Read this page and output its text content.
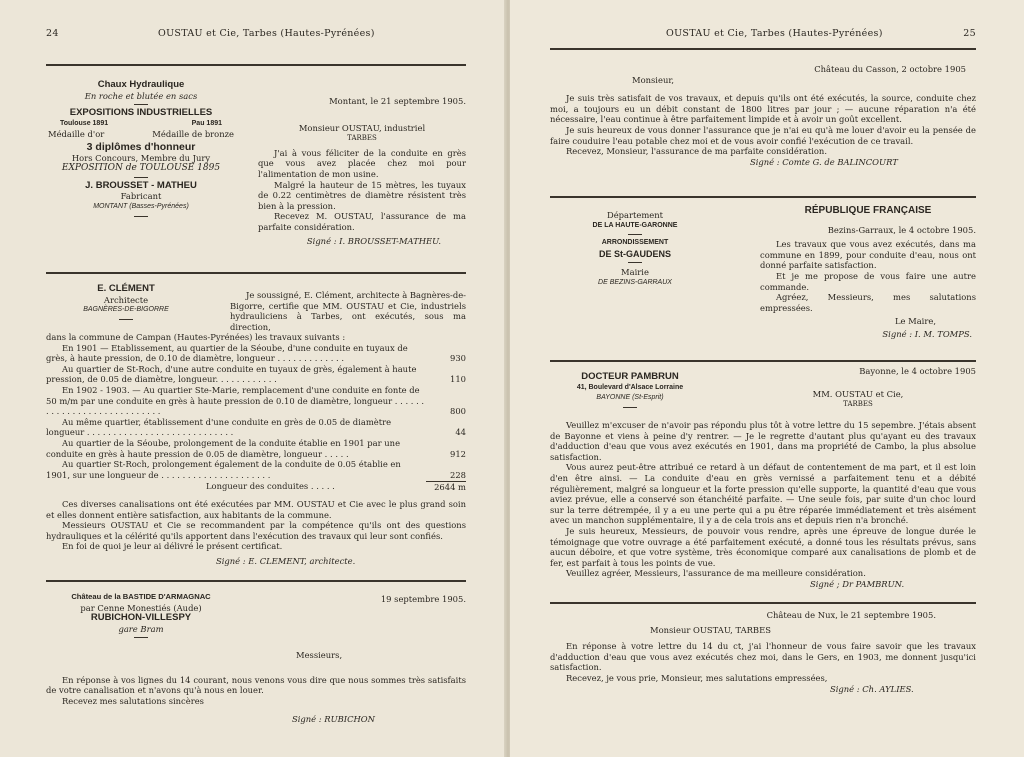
24	OUSTAU et Cie, Tarbes (Hautes-Pyrénées)
Chaux Hydraulique
En roche et blutée en sacs
EXPOSITIONS INDUSTRIELLES
Toulouse 1891	Pau 1891
Médaille d'or	Médaille de bronze
3 diplômes d'honneur
Hors Concours, Membre du Jury
EXPOSITION de TOULOUSE 1895
J. BROUSSET - MATHEU
Fabricant
MONTANT (Basses-Pyrénées)
Montant, le 21 septembre 1905.
Monsieur OUSTAU, industriel
TARBES
J'ai à vous féliciter de la conduite en grès que vous avez placée chez moi pour l'alimentation de mon usine.
Malgré la hauteur de 15 mètres, les tuyaux de 0.22 centimètres de diamètre résistent très bien à la pression.
Recevez M. OUSTAU, l'assurance de ma parfaite considération.
Signé : I. BROUSSET-MATHEU.
E. CLÉMENT
Architecte
BAGNÈRES-DE-BIGORRE
Je soussigné, E. Clément, architecte à Bagnères-de-Bigorre, certifie que MM. OUSTAU et Cie, industriels hydrauliciens à Tarbes, ont exécutés, sous ma direction,
dans la commune de Campan (Hautes-Pyrénées) les travaux suivants :
En 1901 — Etablissement, au quartier de la Séoube, d'une conduite en tuyaux de grès, à haute pression, de 0.10 de diamètre, longueur . . . . . . . . . . . . .	930
Au quartier de St-Roch, d'une autre conduite en tuyaux de grès, également à haute pression, de 0.05 de diamètre, longueur. . . . . . . . . . . .	110
En 1902 - 1903. — Au quartier Ste-Marie, remplacement d'une conduite en fonte de 50 m/m par une conduite en grès à haute pression de 0.10 de diamètre, longueur . . . . . . . . . . . . . . . . . . . . . . . . . . . .	800
Au même quartier, établissement d'une conduite en grès de 0.05 de diamètre longueur . . . . . . . . . . . . . . . . . . . . . . . . . . . .	44
Au quartier de la Séoube, prolongement de la conduite établie en 1901 par une conduite en grès à haute pression de 0.05 de diamètre, longueur . . . . .	912
Au quartier St-Roch, prolongement également de la conduite de 0.05 établie en 1901, sur une longueur de . . . . . . . . . . . . . . . . . . . . .	228
Longueur des conduites . . . . .	2644 m
Ces diverses canalisations ont été exécutées par MM. OUSTAU et Cie avec le plus grand soin et elles donnent entière satisfaction, aux habitants de la commune.
Messieurs OUSTAU et Cie se recommandent par la compétence qu'ils ont des questions hydrauliques et la célérité qu'ils apportent dans l'exécution des travaux qui leur sont confiés.
En foi de quoi je leur ai délivré le présent certificat.
Signé : E. CLEMENT, architecte.
Château de la BASTIDE D'ARMAGNAC
par Cenne Monestiés (Aude)
RUBICHON-VILLESPY
gare Bram
19 septembre 1905.
Messieurs,
En réponse à vos lignes du 14 courant, nous venons vous dire que nous sommes très satisfaits de votre canalisation et n'avons qu'à nous en louer.
Recevez mes salutations sincères
Signé : RUBICHON
OUSTAU et Cie, Tarbes (Hautes-Pyrénées)	25
Château du Casson, 2 octobre 1905
Monsieur,
Je suis très satisfait de vos travaux, et depuis qu'ils ont été exécutés, la source, conduite chez moi, a toujours eu un débit constant de 1800 litres par jour ; — aucune réparation n'a été nécessaire, l'eau continue à être parfaitement limpide et à avoir un goût excellent.
Je suis heureux de vous donner l'assurance que je n'ai eu qu'à me louer d'avoir eu la pensée de faire couduire l'eau potable chez moi et de vous avoir confié l'exécution de ce travail.
Recevez, Monsieur, l'assurance de ma parfaite considération.
Signé : Comte G. de BALINCOURT
Département
DE LA HAUTE-GARONNE
ARRONDISSEMENT
DE St-GAUDENS
Mairie
DE BEZINS-GARRAUX
RÉPUBLIQUE FRANÇAISE
Bezins-Garraux, le 4 octobre 1905.
Les travaux que vous avez exécutés, dans ma commune en 1899, pour conduite d'eau, nous ont donné parfaite satisfaction.
Et je me propose de vous faire une autre commande.
Agréez, Messieurs, mes salutations empressées.
Le Maire,
Signé : I. M. TOMPS.
DOCTEUR PAMBRUN
41, Boulevard d'Alsace Lorraine
BAYONNE (St-Esprit)
Bayonne, le 4 octobre 1905
MM. OUSTAU et Cie,
TARBES
Veuillez m'excuser de n'avoir pas répondu plus tôt à votre lettre du 15 sepembre. J'étais absent de Bayonne et viens à peine d'y rentrer. — Je le regrette d'autant plus qu'ayant eu des travaux d'adduction d'eau que vous avez exécutés en 1901, dans ma propriété de Cambo, la plus absolue satisfaction.
Vous aurez peut-être attribué ce retard à un défaut de contentement de ma part, et il est loin d'en être ainsi. — La conduite d'eau en grès vernissé a parfaitement tenu et a débité régulièrement, malgré sa longueur et la forte pression qu'elle supporte, la quantité d'eau que vous aviez prévue, elle a conservé son étanchéité parfaite. — Une seule fois, par suite d'un choc lourd sur la terre détrempée, il y a eu une perte qui a pu être réparée immédiatement et très aisément avec un manchon supplémentaire, il y a de cela trois ans et depuis rien n'a bronché.
Je suis heureux, Messieurs, de pouvoir vous rendre, après une épreuve de longue durée le témoignage que votre ouvrage a été parfaitement exécuté, a donné tous les résultats prévus, sans aucun déboire, et que votre système, très économique comparé aux canalisations de plomb et de fer, est parfait à tous les points de vue.
Veuillez agréer, Messieurs, l'assurance de ma meilleure considération.
Signé ; Dr PAMBRUN.
Château de Nux, le 21 septembre 1905.
Monsieur OUSTAU, TARBES
En réponse à votre lettre du 14 du ct, j'ai l'honneur de vous faire savoir que les travaux d'adduction d'eau que vous avez exécutés chez moi, dans le Gers, en 1903, me donnent jusqu'ici satisfaction.
Recevez, je vous prie, Monsieur, mes salutations empressées,
Signé : Ch. AYLIES.
